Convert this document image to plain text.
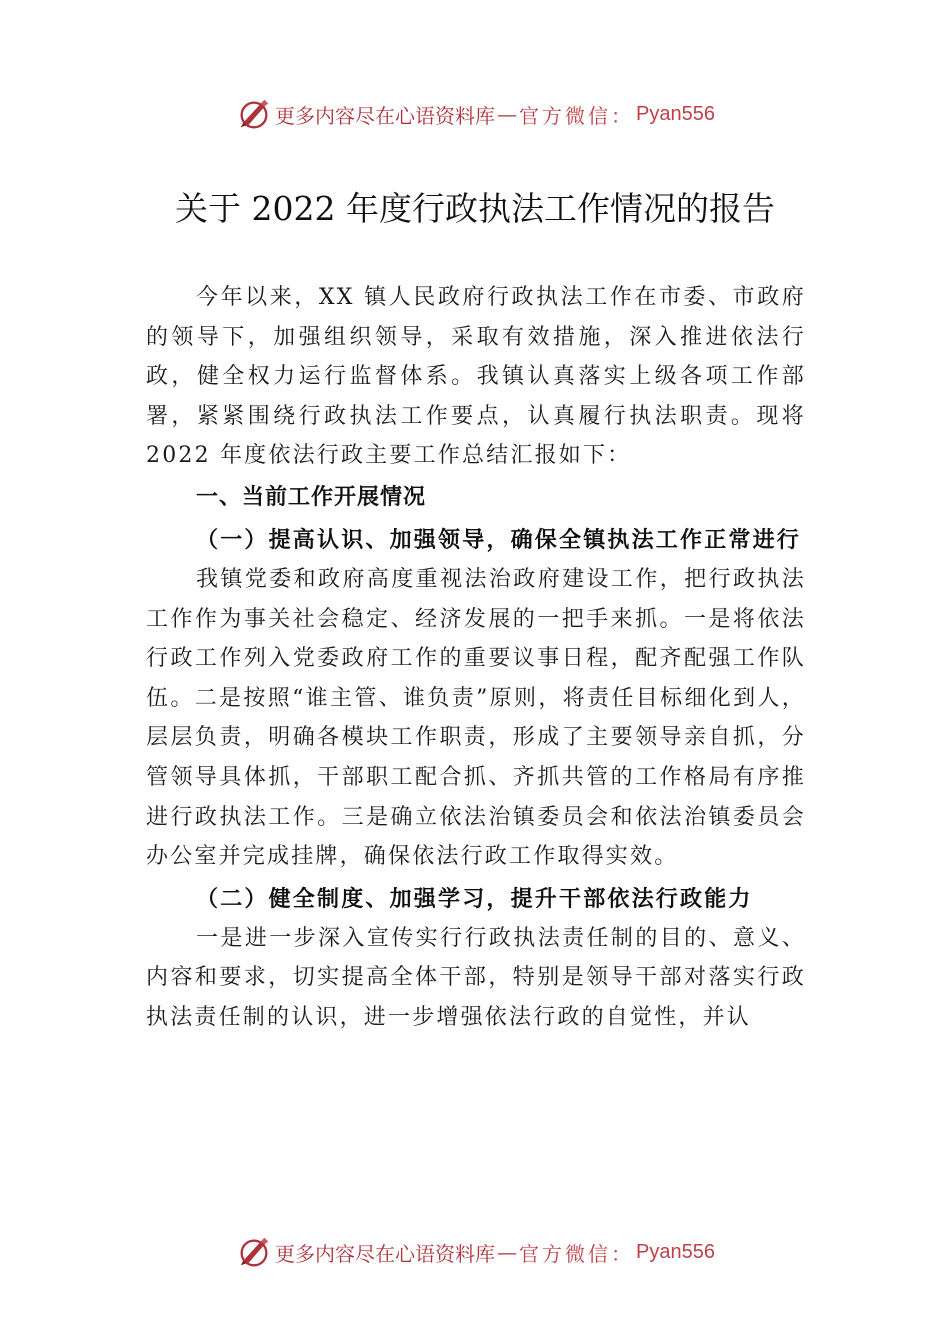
更多内容尽在心语资料库 — 官方微信： Pyan556
关于 2022 年度行政执法工作情况的报告

今年以来，XX 镇人民政府行政执法工作在市委、市政府的领导下，加强组织领导，采取有效措施，深入推进依法行政，健全权力运行监督体系。我镇认真落实上级各项工作部署，紧紧围绕行政执法工作要点，认真履行执法职责。现将 2022 年度依法行政主要工作总结汇报如下：

一、当前工作开展情况

（一）提高认识、加强领导，确保全镇执法工作正常进行

我镇党委和政府高度重视法治政府建设工作，把行政执法工作作为事关社会稳定、经济发展的一把手来抓。一是将依法行政工作列入党委政府工作的重要议事日程，配齐配强工作队伍。二是按照“谁主管、谁负责”原则，将责任目标细化到人，层层负责，明确各模块工作职责，形成了主要领导亲自抓，分管领导具体抓，干部职工配合抓、齐抓共管的工作格局有序推进行政执法工作。三是确立依法治镇委员会和依法治镇委员会办公室并完成挂牌，确保依法行政工作取得实效。

（二）健全制度、加强学习，提升干部依法行政能力

一是进一步深入宣传实行行政执法责任制的目的、意义、内容和要求，切实提高全体干部，特别是领导干部对落实行政执法责任制的认识，进一步增强依法行政的自觉性，并认

更多内容尽在心语资料库 — 官方微信： Pyan556
